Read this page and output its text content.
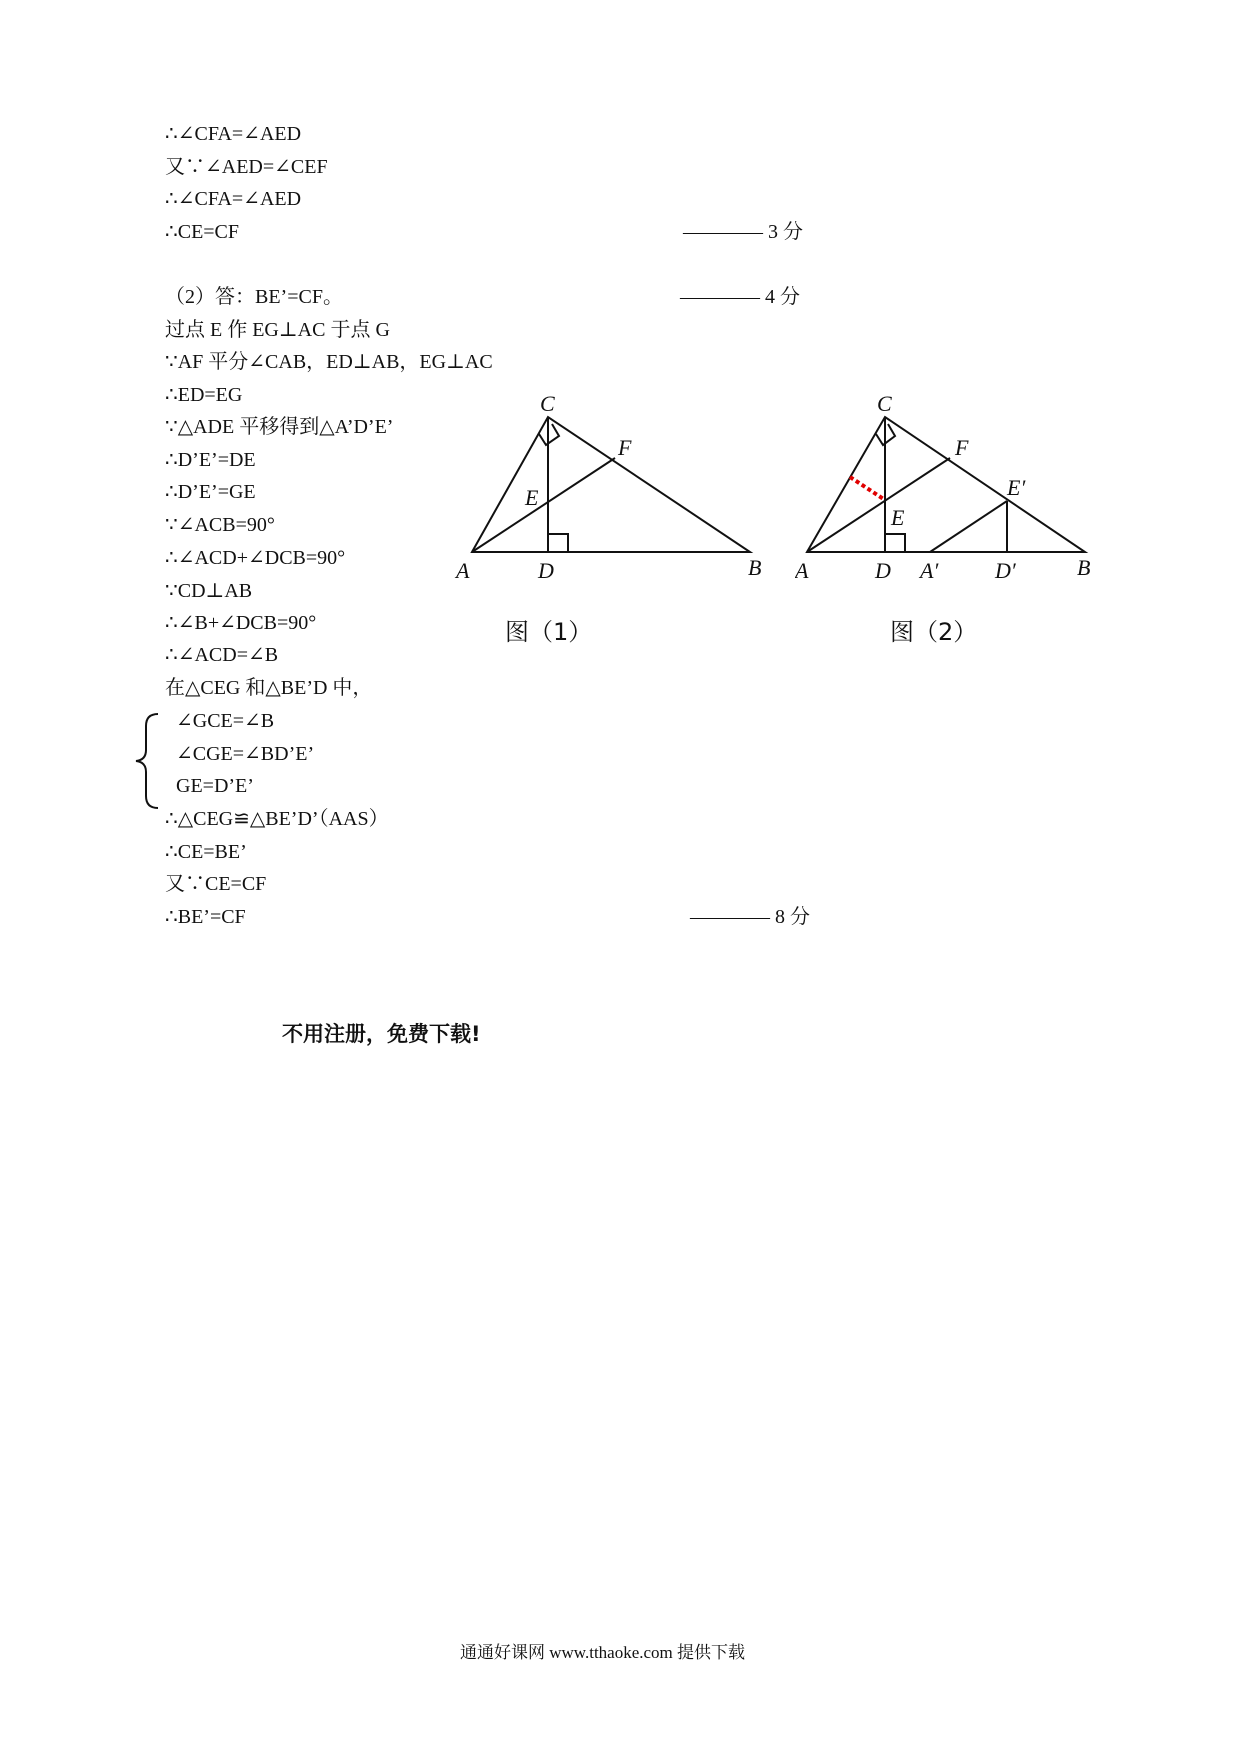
∴∠CFA=∠AED
又∵∠AED=∠CEF
∴∠CFA=∠AED
∴CE=CF	———— 3 分
（2）答：BE’=CF。	———— 4 分
过点 E 作 EG⊥AC 于点 G
∵AF 平分∠CAB，ED⊥AB，EG⊥AC
∴ED=EG
∵△ADE 平移得到△A’D’E’
∴D’E’=DE
∴D’E’=GE
∵∠ACB=90°
∴∠ACD+∠DCB=90°
∵CD⊥AB
∴∠B+∠DCB=90°
∴∠ACD=∠B
在△CEG 和△BE’D 中，
∠GCE=∠B
∠CGE=∠BD’E’
GE=D’E’
∴△CEG≌△BE’D’（AAS）
∴CE=BE’
又∵CE=CF
∴BE’=CF	———— 8 分
A	B
C
D
E
F
图（1）
A	B
C
D
E
F
E′
A′	D′
图（2）
不用注册，免费下载!
通通好课网 www.tthaoke.com 提供下载
